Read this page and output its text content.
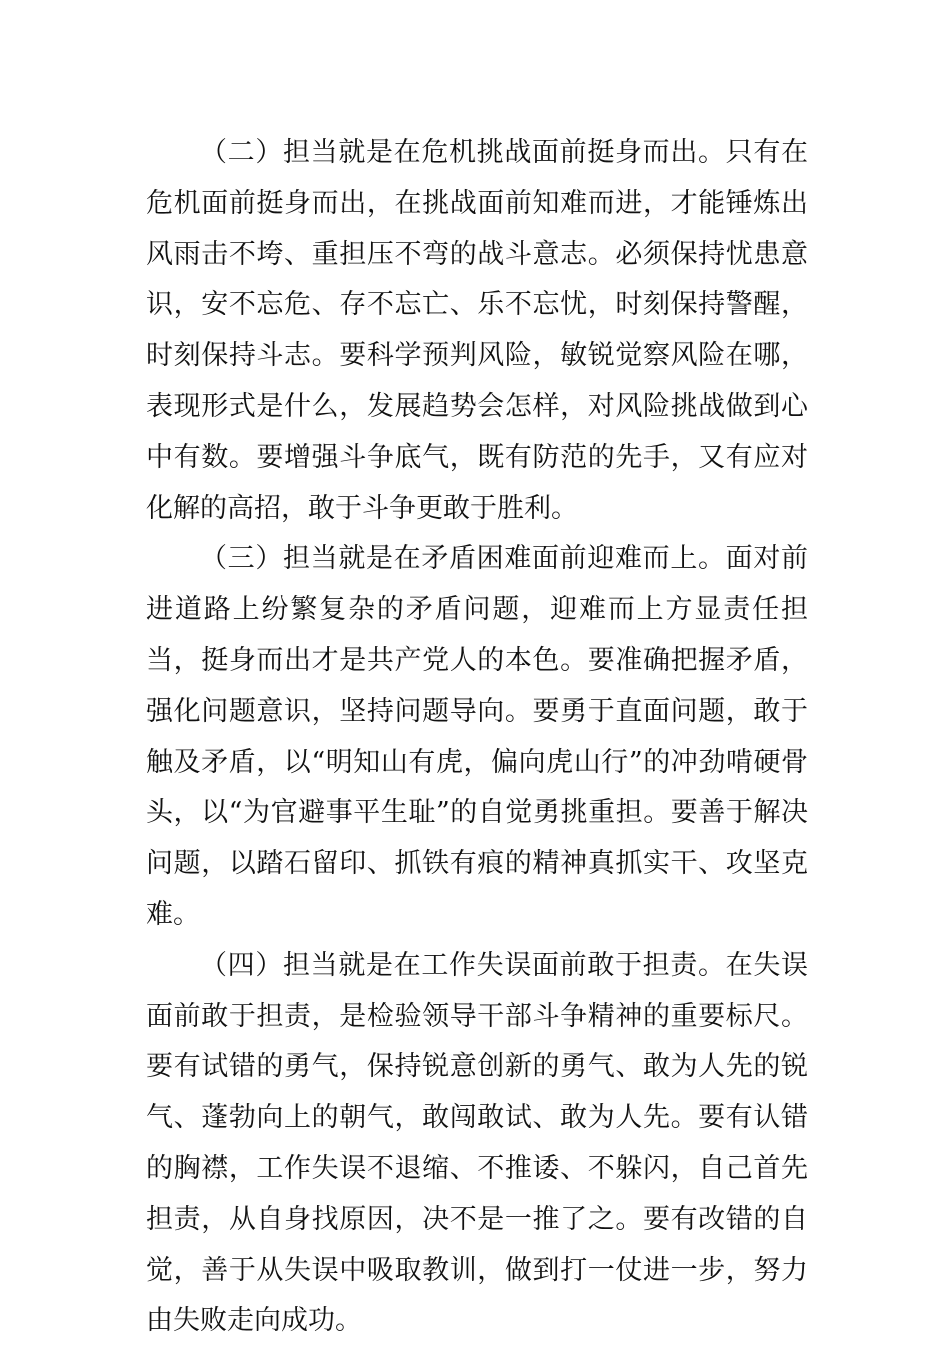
（二）担当就是在危机挑战面前挺身而出。只有在危机面前挺身而出，在挑战面前知难而进，才能锤炼出风雨击不垮、重担压不弯的战斗意志。必须保持忧患意识，安不忘危、存不忘亡、乐不忘忧，时刻保持警醒，时刻保持斗志。要科学预判风险，敏锐觉察风险在哪，表现形式是什么，发展趋势会怎样，对风险挑战做到心中有数。要增强斗争底气，既有防范的先手，又有应对化解的高招，敢于斗争更敢于胜利。

（三）担当就是在矛盾困难面前迎难而上。面对前进道路上纷繁复杂的矛盾问题，迎难而上方显责任担当，挺身而出才是共产党人的本色。要准确把握矛盾，强化问题意识，坚持问题导向。要勇于直面问题，敢于触及矛盾，以“明知山有虎，偏向虎山行”的冲劲啃硬骨头，以“为官避事平生耻”的自觉勇挑重担。要善于解决问题，以踏石留印、抓铁有痕的精神真抓实干、攻坚克难。

（四）担当就是在工作失误面前敢于担责。在失误面前敢于担责，是检验领导干部斗争精神的重要标尺。要有试错的勇气，保持锐意创新的勇气、敢为人先的锐气、蓬勃向上的朝气，敢闯敢试、敢为人先。要有认错的胸襟，工作失误不退缩、不推诿、不躲闪，自己首先担责，从自身找原因，决不是一推了之。要有改错的自觉，善于从失误中吸取教训，做到打一仗进一步，努力由失败走向成功。
